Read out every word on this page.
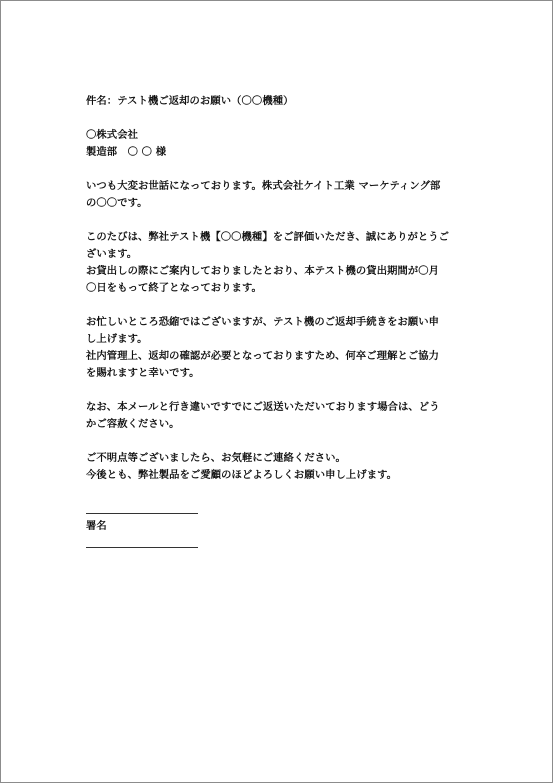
件名：テスト機ご返却のお願い（〇〇機種）
〇株式会社
製造部　〇 〇 様
いつも大変お世話になっております。株式会社ケイト工業 マーケティング部
の〇〇です。
このたびは、弊社テスト機【〇〇機種】をご評価いただき、誠にありがとうご
ざいます。
お貸出しの際にご案内しておりましたとおり、本テスト機の貸出期間が〇月
〇日をもって終了となっております。
お忙しいところ恐縮ではございますが、テスト機のご返却手続きをお願い申
し上げます。
社内管理上、返却の確認が必要となっておりますため、何卒ご理解とご協力
を賜れますと幸いです。
なお、本メールと行き違いですでにご返送いただいております場合は、どう
かご容赦ください。
ご不明点等ございましたら、お気軽にご連絡ください。
今後とも、弊社製品をご愛顧のほどよろしくお願い申し上げます。
署名
